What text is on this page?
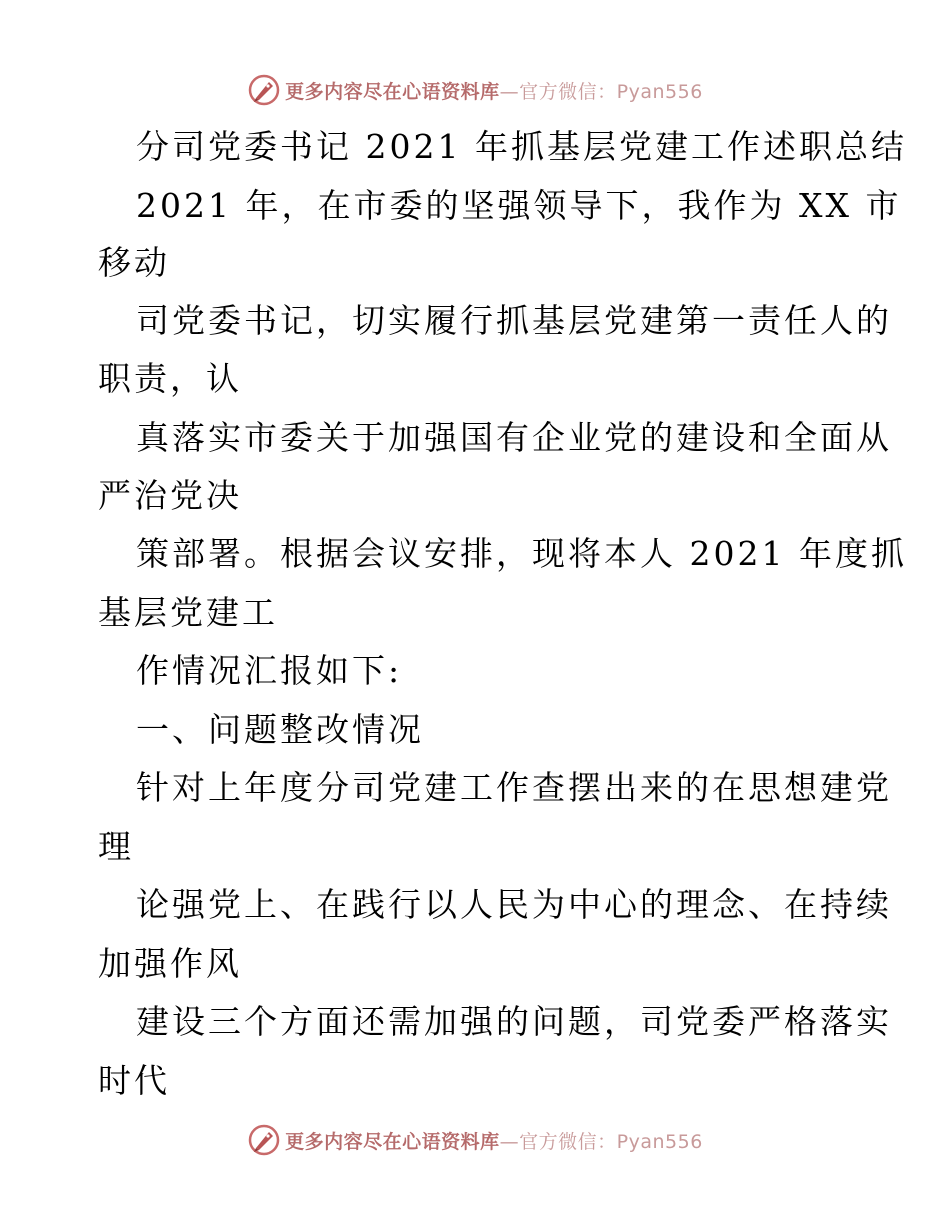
更多内容尽在心语资料库—官方微信：Pyan556
分司党委书记 2021 年抓基层党建工作述职总结
2021 年，在市委的坚强领导下，我作为 XX 市
移动
司党委书记，切实履行抓基层党建第一责任人的
职责，认
真落实市委关于加强国有企业党的建设和全面从
严治党决
策部署。根据会议安排，现将本人 2021 年度抓
基层党建工
作情况汇报如下:
一、问题整改情况
针对上年度分司党建工作查摆出来的在思想建党
理
论强党上、在践行以人民为中心的理念、在持续
加强作风
建设三个方面还需加强的问题，司党委严格落实
时代
更多内容尽在心语资料库—官方微信：Pyan556
